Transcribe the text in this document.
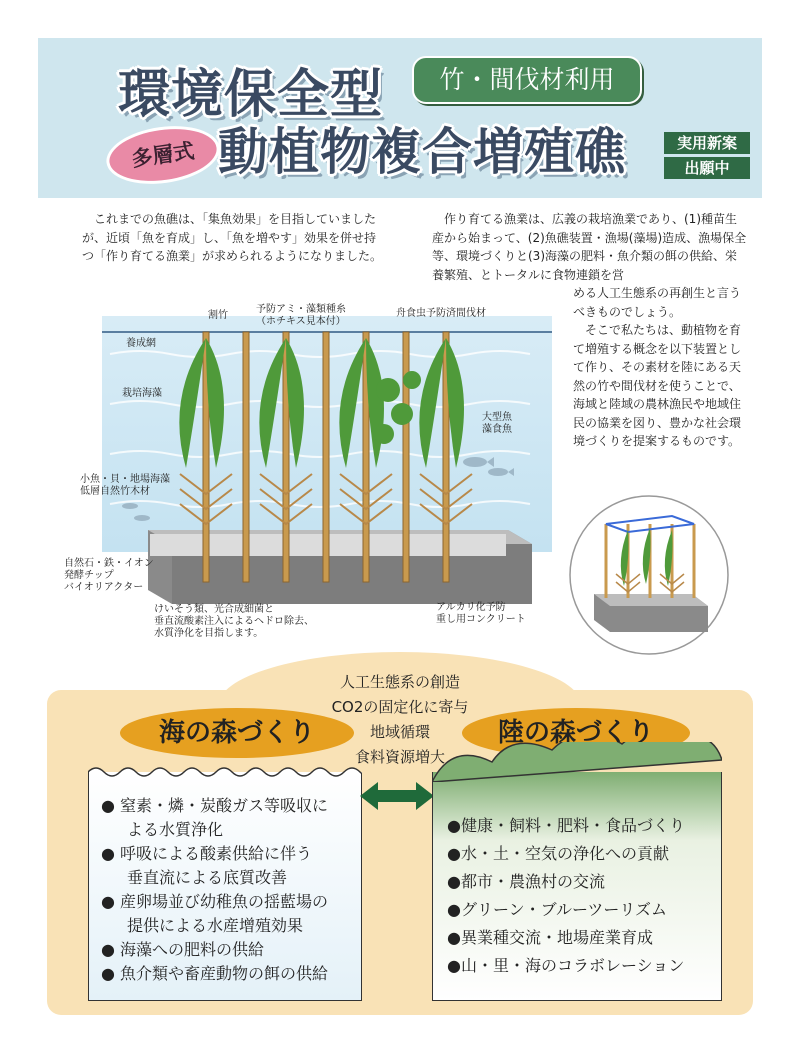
環境保全型	竹・間伐材利用
多層式 動植物複合増殖礁	実用新案
出願中
これまでの魚礁は、「集魚効果」を目指していましたが、近頃「魚を育成」し、「魚を増やす」効果を併せ持つ「作り育てる漁業」が求められるようになりました。
作り育てる漁業は、広義の栽培漁業であり、(1)種苗生産から始まって、(2)魚礁装置・漁場(藻場)造成、漁場保全等、環境づくりと(3)海藻の肥料・魚介類の餌の供給、栄養繁殖、とトータルに食物連鎖を営
める人工生態系の再創生と言うべきものでしょう。
そこで私たちは、動植物を育て増殖する概念を以下装置として作り、その素材を陸にある天然の竹や間伐材を使うことで、海域と陸域の農林漁民や地域住民の協業を図り、豊かな社会環境づくりを提案するものです。
割竹
予防アミ・藻類種糸
（ホチキス見本付）
舟食虫予防済間伐材
養成網
栽培海藻
大型魚
藻食魚
小魚・貝・地場海藻
低層自然竹木材
自然石・鉄・イオン
発酵チップ
バイオリアクター
けいそう類、光合成細菌と
垂直流酸素注入によるヘドロ除去、
水質浄化を目指します。
アルカリ化予防
重し用コンクリート
人工生態系の創造
CO2の固定化に寄与
地域循環
食料資源増大
海の森づくり	陸の森づくり
● 窒素・燐・炭酸ガス等吸収に
よる水質浄化
● 呼吸による酸素供給に伴う
垂直流による底質改善
● 産卵場並び幼稚魚の揺藍場の
提供による水産增殖効果
● 海藻への肥料の供給
● 魚介類や畜産動物の餌の供給
●健康・飼料・肥料・食品づくり
●水・土・空気の浄化への貢献
●都市・農漁村の交流
●グリーン・ブルーツーリズム
●異業種交流・地場産業育成
●山・里・海のコラボレーション
